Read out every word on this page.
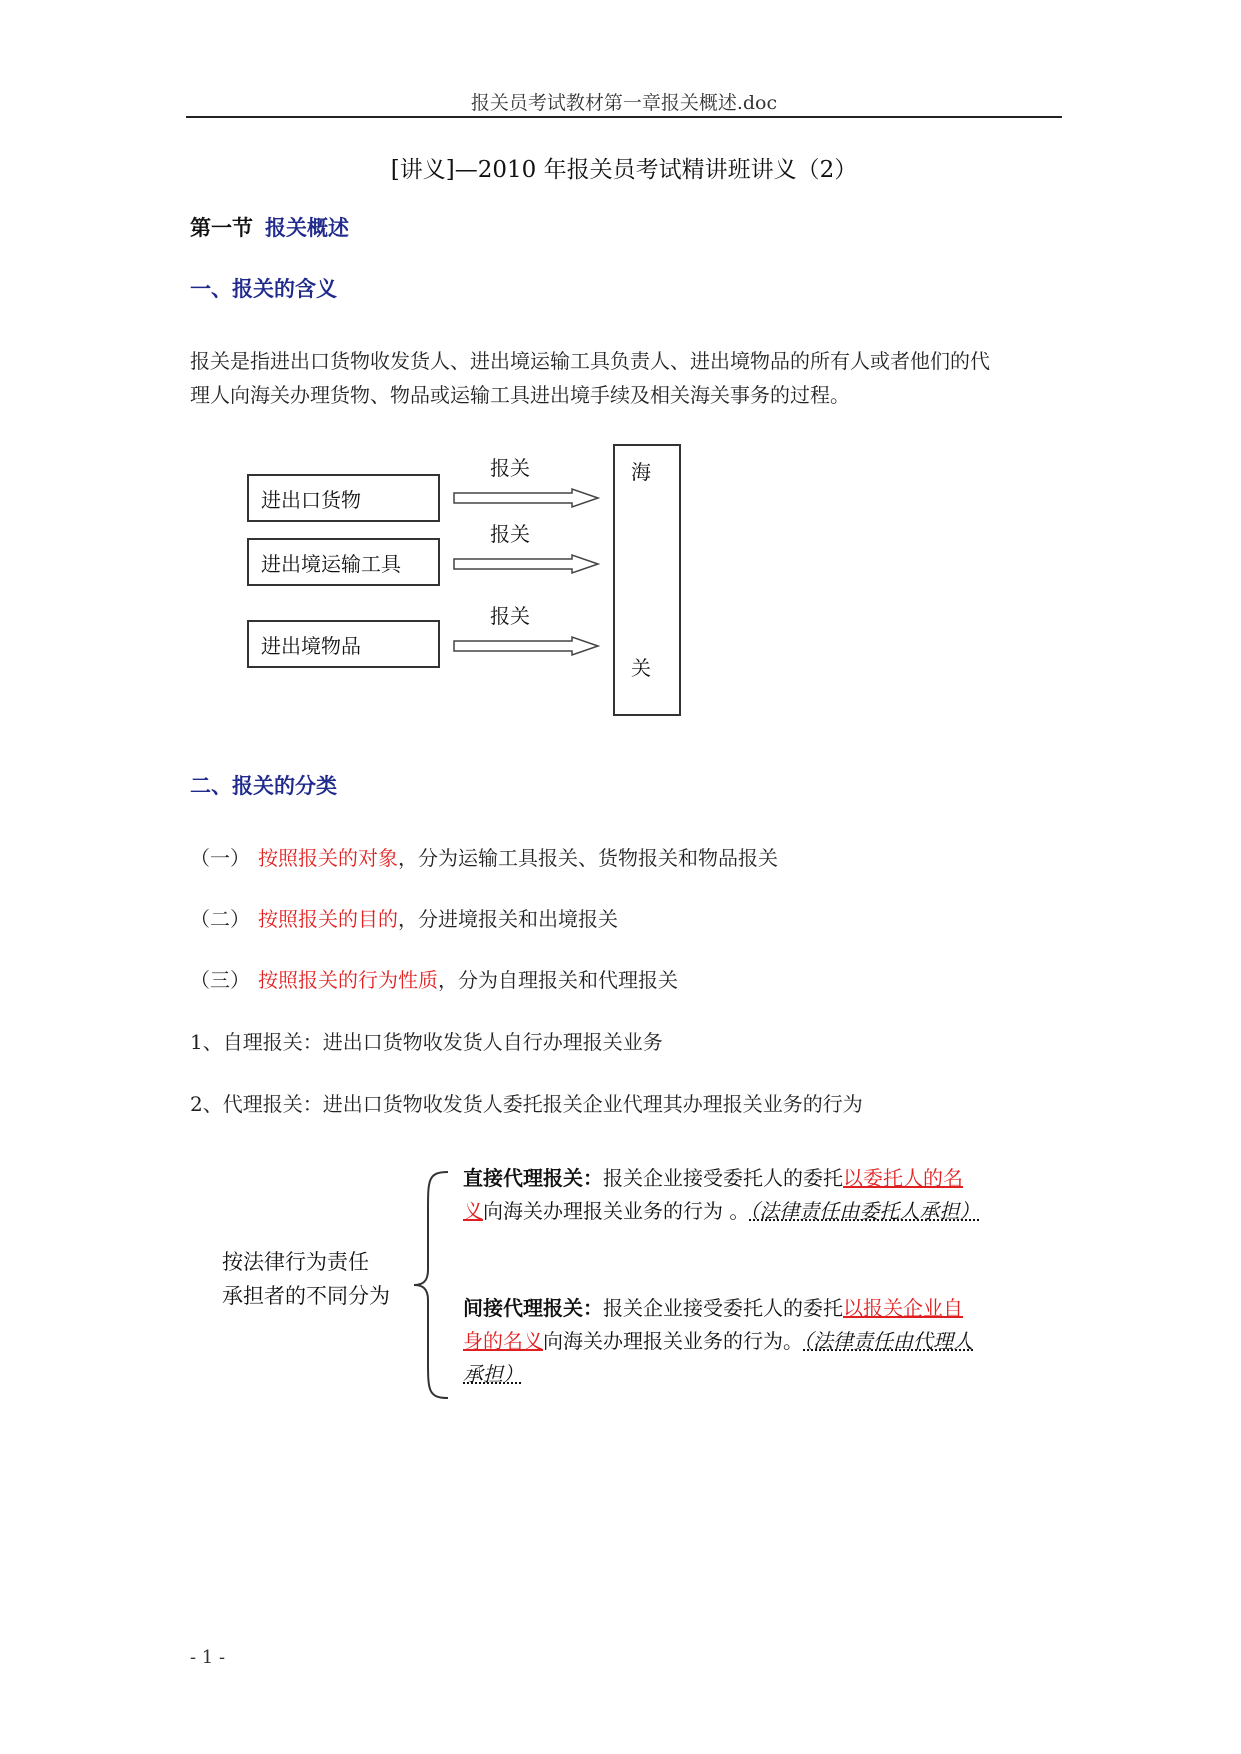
报关员考试教材第一章报关概述.doc
[讲义]—2010 年报关员考试精讲班讲义（2）
第一节 报关概述
一、报关的含义
报关是指进出口货物收发货人、进出境运输工具负责人、进出境物品的所有人或者他们的代
理人向海关办理货物、物品或运输工具进出境手续及相关海关事务的过程。
进出口货物
进出境运输工具
进出境物品
报关
报关
报关
海
关
二、报关的分类
（一） 按照报关的对象，分为运输工具报关、货物报关和物品报关
（二） 按照报关的目的，分进境报关和出境报关
（三） 按照报关的行为性质，分为自理报关和代理报关
1、自理报关：进出口货物收发货人自行办理报关业务
2、代理报关：进出口货物收发货人委托报关企业代理其办理报关业务的行为
按法律行为责任
承担者的不同分为
直接代理报关：报关企业接受委托人的委托以委托人的名
义向海关办理报关业务的行为 。（法律责任由委托人承担）
间接代理报关：报关企业接受委托人的委托以报关企业自
身的名义向海关办理报关业务的行为。（法律责任由代理人
承担）
- 1 -
